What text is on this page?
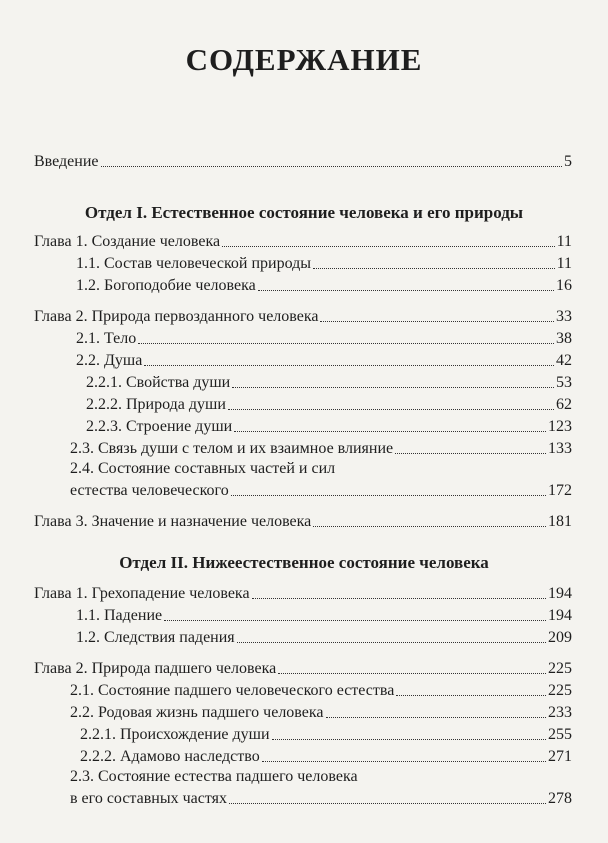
СОДЕРЖАНИЕ
Введение	5
Отдел I. Естественное состояние человека и его природы
Глава 1. Создание человека	11
1.1. Состав человеческой природы	11
1.2. Богоподобие человека	16
Глава 2. Природа первозданного человека	33
2.1. Тело	38
2.2. Душа	42
2.2.1. Свойства души	53
2.2.2. Природа души	62
2.2.3. Строение души	123
2.3. Связь души с телом и их взаимное влияние	133
2.4. Состояние составных частей и сил
естества человеческого	172
Глава 3. Значение и назначение человека	181
Отдел II. Нижеестественное состояние человека
Глава 1. Грехопадение человека	194
1.1. Падение	194
1.2. Следствия падения	209
Глава 2. Природа падшего человека	225
2.1. Состояние падшего человеческого естества	225
2.2. Родовая жизнь падшего человека	233
2.2.1. Происхождение души	255
2.2.2. Адамово наследство	271
2.3. Состояние естества падшего человека
в его составных частях	278
